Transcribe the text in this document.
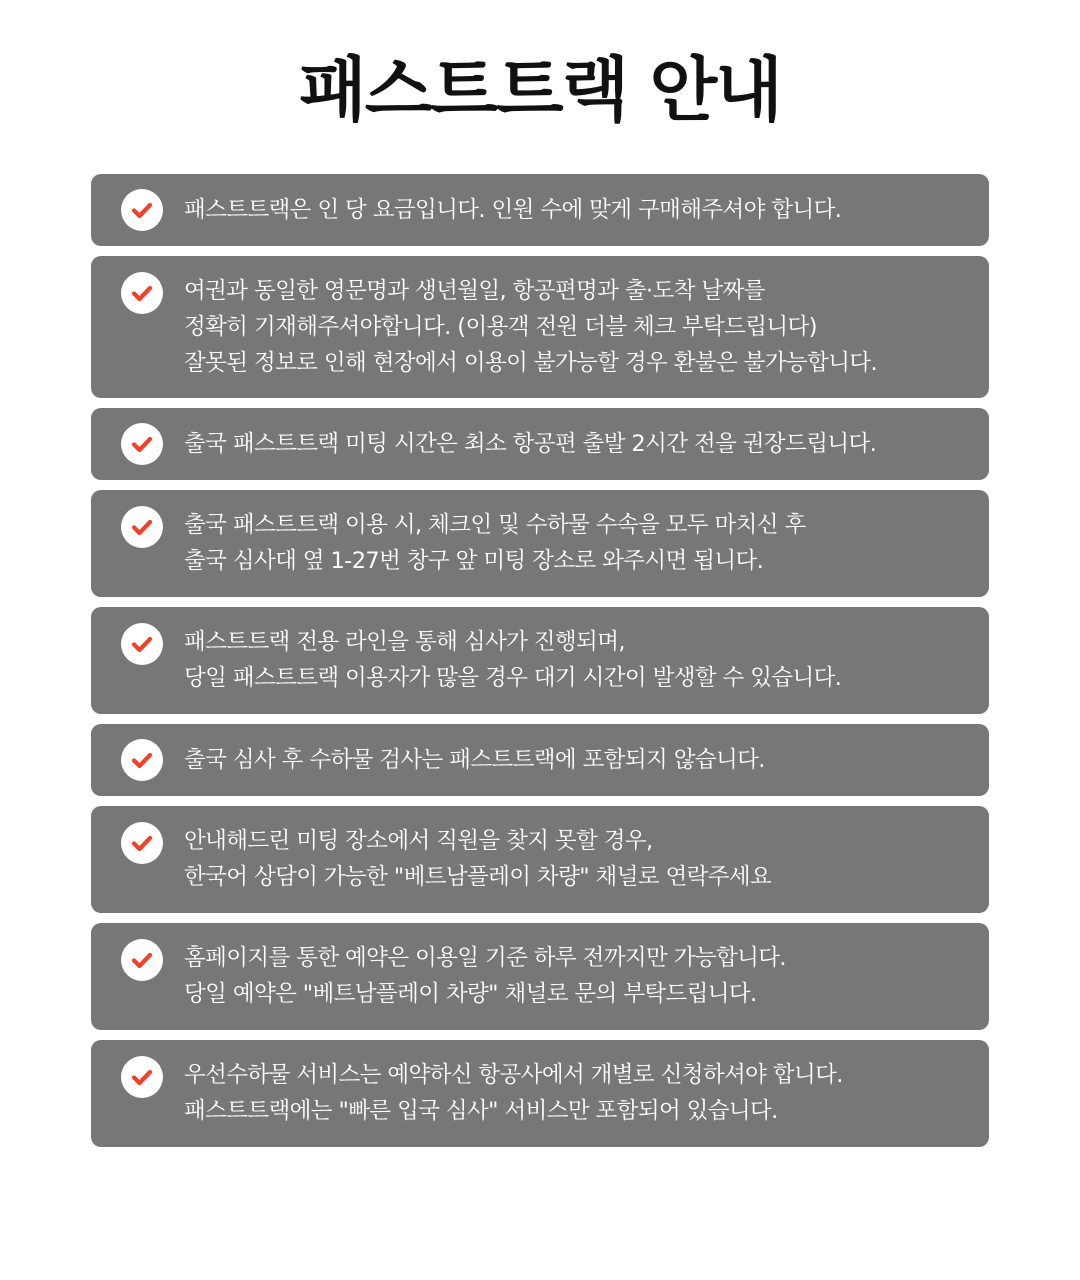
패스트트랙 안내
패스트트랙은 인 당 요금입니다. 인원 수에 맞게 구매해주셔야 합니다.
여권과 동일한 영문명과 생년월일, 항공편명과 출·도착 날짜를
정확히 기재해주셔야합니다. (이용객 전원 더블 체크 부탁드립니다)
잘못된 정보로 인해 현장에서 이용이 불가능할 경우 환불은 불가능합니다.
출국 패스트트랙 미팅 시간은 최소 항공편 출발 2시간 전을 권장드립니다.
출국 패스트트랙 이용 시, 체크인 및 수하물 수속을 모두 마치신 후
출국 심사대 옆 1-27번 창구 앞 미팅 장소로 와주시면 됩니다.
패스트트랙 전용 라인을 통해 심사가 진행되며,
당일 패스트트랙 이용자가 많을 경우 대기 시간이 발생할 수 있습니다.
출국 심사 후 수하물 검사는 패스트트랙에 포함되지 않습니다.
안내해드린 미팅 장소에서 직원을 찾지 못할 경우,
한국어 상담이 가능한 "베트남플레이 차량" 채널로 연락주세요
홈페이지를 통한 예약은 이용일 기준 하루 전까지만 가능합니다.
당일 예약은 "베트남플레이 차량" 채널로 문의 부탁드립니다.
우선수하물 서비스는 예약하신 항공사에서 개별로 신청하셔야 합니다.
패스트트랙에는 "빠른 입국 심사" 서비스만 포함되어 있습니다.
